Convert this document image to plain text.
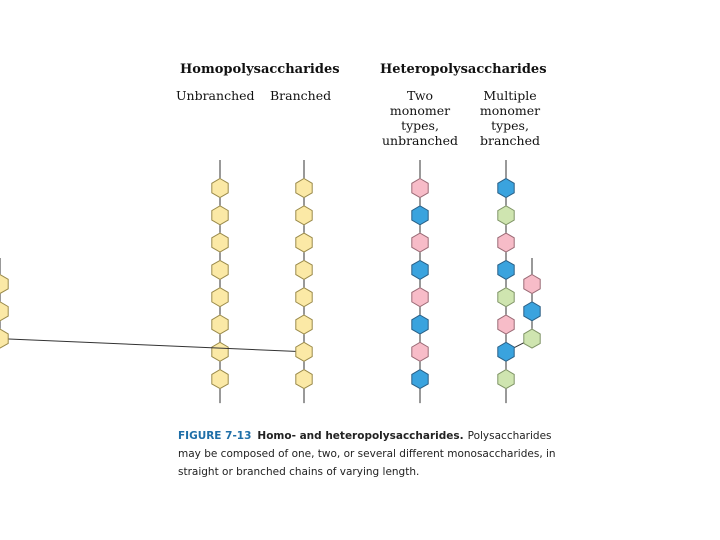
Homopolysaccharides	Heteropolysaccharides
Unbranched	Branched	Two
monomer
types,
unbranched
Multiple
monomer
types,
branched
FIGURE 7-13 Homo- and heteropolysaccharides. Polysaccharides may be composed of one, two, or several different monosaccharides, in straight or branched chains of varying length.
